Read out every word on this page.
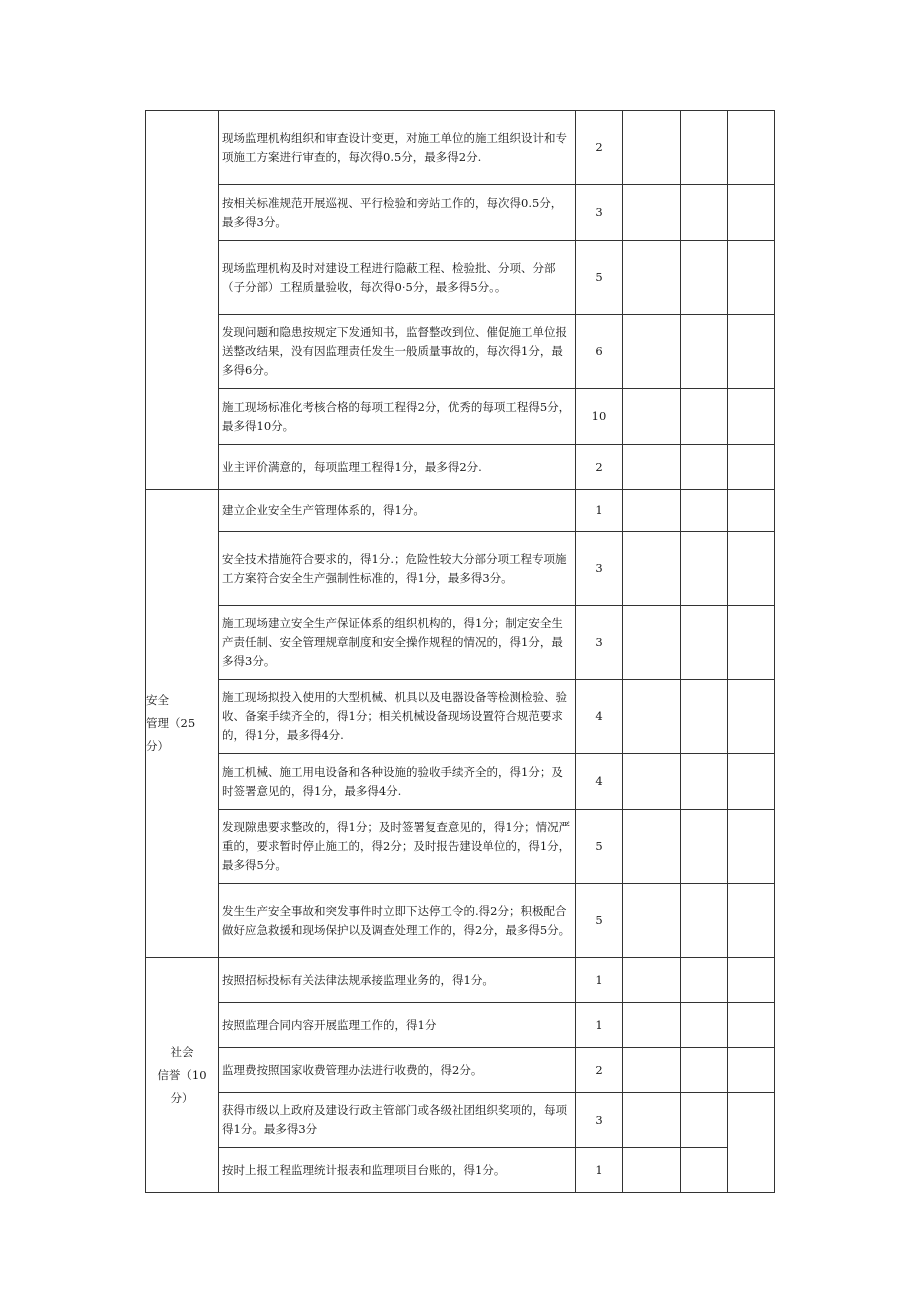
	现场监理机构组织和审查设计变更，对施工单位的施工组织设计和专项施工方案进行审查的，每次得0.5分，最多得2分.	2			
	按相关标准规范开展巡视、平行检验和旁站工作的，每次得0.5分，最多得3分。	3			
	现场监理机构及时对建设工程进行隐蔽工程、检验批、分项、分部（子分部）工程质量验收，每次得0·5分，最多得5分。。	5			
	发现问题和隐患按规定下发通知书，监督整改到位、催促施工单位报送整改结果，没有因监理责任发生一般质量事故的，每次得1分，最多得6分。	6			
	施工现场标准化考核合格的每项工程得2分，优秀的每项工程得5分，最多得10分。	10			
	业主评价满意的，每项监理工程得1分，最多得2分.	2			

安全
管理（25
分）	建立企业安全生产管理体系的，得1分。	1			
	安全技术措施符合要求的，得1分.；危险性较大分部分项工程专项施工方案符合安全生产强制性标准的，得1分，最多得3分。	3			
	施工现场建立安全生产保证体系的组织机构的，得1分；制定安全生产责任制、安全管理规章制度和安全操作规程的情况的，得1分，最多得3分。	3			
	施工现场拟投入使用的大型机械、机具以及电器设备等检测检验、验收、备案手续齐全的，得1分；相关机械设备现场设置符合规范要求的，得1分，最多得4分.	4			
	施工机械、施工用电设备和各种设施的验收手续齐全的，得1分；及时签署意见的，得1分，最多得4分.	4			
	发现隙患要求整改的，得1分；及时签署复查意见的，得1分；情况严重的，要求暂时停止施工的，得2分；及时报告建设单位的，得1分，最多得5分。	5			
	发生生产安全事故和突发事件时立即下达停工令的.得2分；积极配合做好应急救援和现场保护以及调查处理工作的，得2分，最多得5分。	5			

社会
信誉（10
分）	按照招标投标有关法律法规承接监理业务的，得1分。	1			
	按照监理合同内容开展监理工作的，得1分	1			
	监理费按照国家收费管理办法进行收费的，得2分。	2			
	获得市级以上政府及建设行政主管部门或各级社团组织奖项的，每项得1分。最多得3分	3			
	按时上报工程监理统计报表和监理项目台账的，得1分。	1			
